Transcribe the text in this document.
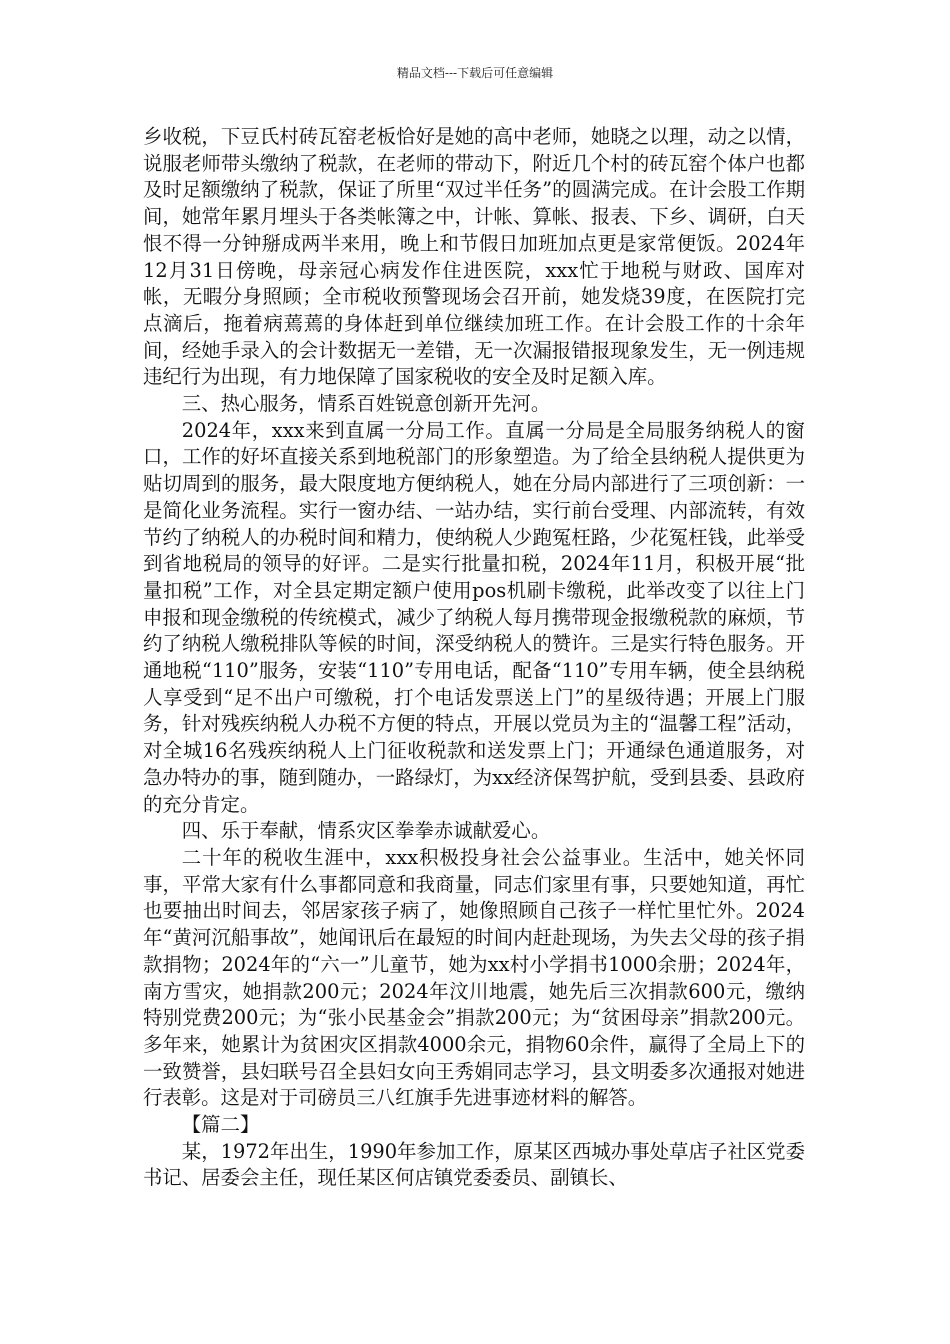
精品文档---下载后可任意编辑

乡收税，下豆氏村砖瓦窑老板恰好是她的高中老师，她晓之以理，动之以情，说服老师带头缴纳了税款，在老师的带动下，附近几个村的砖瓦窑个体户也都及时足额缴纳了税款，保证了所里“双过半任务”的圆满完成。在计会股工作期间，她常年累月埋头于各类帐簿之中，计帐、算帐、报表、下乡、调研，白天恨不得一分钟掰成两半来用，晚上和节假日加班加点更是家常便饭。2024年12月31日傍晚，母亲冠心病发作住进医院，xxx忙于地税与财政、国库对帐，无暇分身照顾；全市税收预警现场会召开前，她发烧39度，在医院打完点滴后，拖着病蔫蔫的身体赶到单位继续加班工作。在计会股工作的十余年间，经她手录入的会计数据无一差错，无一次漏报错报现象发生，无一例违规违纪行为出现，有力地保障了国家税收的安全及时足额入库。

三、热心服务，情系百姓锐意创新开先河。

2024年，xxx来到直属一分局工作。直属一分局是全局服务纳税人的窗口，工作的好坏直接关系到地税部门的形象塑造。为了给全县纳税人提供更为贴切周到的服务，最大限度地方便纳税人，她在分局内部进行了三项创新：一是简化业务流程。实行一窗办结、一站办结，实行前台受理、内部流转，有效节约了纳税人的办税时间和精力，使纳税人少跑冤枉路，少花冤枉钱，此举受到省地税局的领导的好评。二是实行批量扣税，2024年11月，积极开展“批量扣税”工作，对全县定期定额户使用pos机刷卡缴税，此举改变了以往上门申报和现金缴税的传统模式，减少了纳税人每月携带现金报缴税款的麻烦，节约了纳税人缴税排队等候的时间，深受纳税人的赞许。三是实行特色服务。开通地税“110”服务，安装“110”专用电话，配备“110”专用车辆，使全县纳税人享受到“足不出户可缴税，打个电话发票送上门”的星级待遇；开展上门服务，针对残疾纳税人办税不方便的特点，开展以党员为主的“温馨工程”活动，对全城16名残疾纳税人上门征收税款和送发票上门；开通绿色通道服务，对急办特办的事，随到随办，一路绿灯，为xx经济保驾护航，受到县委、县政府的充分肯定。

四、乐于奉献，情系灾区拳拳赤诚献爱心。

二十年的税收生涯中，xxx积极投身社会公益事业。生活中，她关怀同事，平常大家有什么事都同意和我商量，同志们家里有事，只要她知道，再忙也要抽出时间去，邻居家孩子病了，她像照顾自己孩子一样忙里忙外。2024年“黄河沉船事故”，她闻讯后在最短的时间内赶赴现场，为失去父母的孩子捐款捐物；2024年的“六一”儿童节，她为xx村小学捐书1000余册；2024年，南方雪灾，她捐款200元；2024年汶川地震，她先后三次捐款600元，缴纳特别党费200元；为“张小民基金会”捐款200元；为“贫困母亲”捐款200元。多年来，她累计为贫困灾区捐款4000余元，捐物60余件，赢得了全局上下的一致赞誉，县妇联号召全县妇女向王秀娟同志学习，县文明委多次通报对她进行表彰。这是对于司磅员三八红旗手先进事迹材料的解答。

【篇二】

某，1972年出生，1990年参加工作，原某区西城办事处草店子社区党委书记、居委会主任，现任某区何店镇党委委员、副镇长、
